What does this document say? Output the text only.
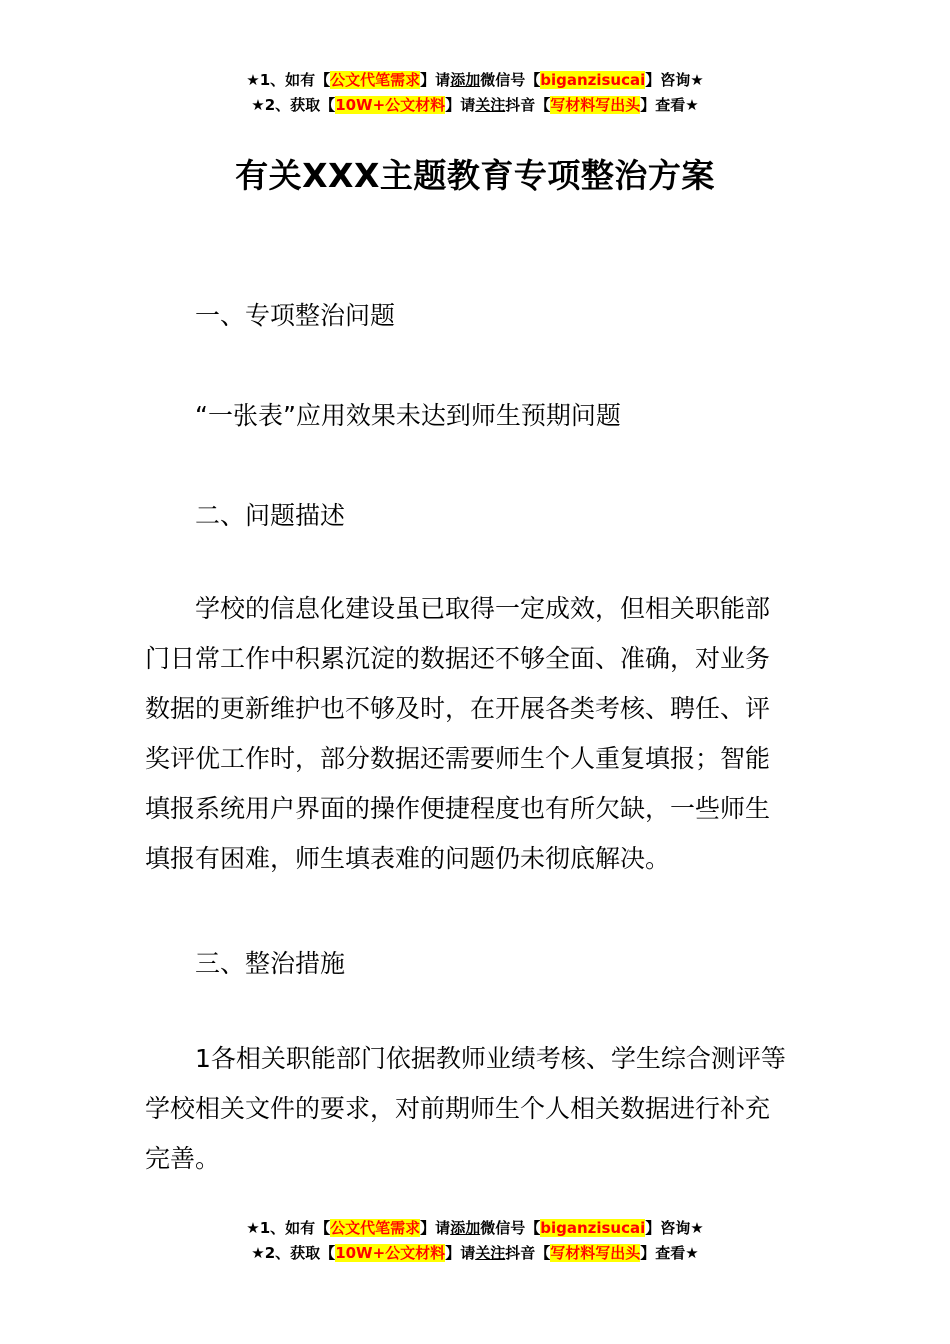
★1、如有【公文代笔需求】请添加微信号【biganzisucai】咨询★
★2、获取【10W+公文材料】请关注抖音【写材料写出头】查看★
有关XXX主题教育专项整治方案
一、专项整治问题
“一张表”应用效果未达到师生预期问题
二、问题描述
学校的信息化建设虽已取得一定成效，但相关职能部
门日常工作中积累沉淀的数据还不够全面、准确，对业务
数据的更新维护也不够及时，在开展各类考核、聘任、评
奖评优工作时，部分数据还需要师生个人重复填报；智能
填报系统用户界面的操作便捷程度也有所欠缺，一些师生
填报有困难，师生填表难的问题仍未彻底解决。
三、整治措施
1各相关职能部门依据教师业绩考核、学生综合测评等
学校相关文件的要求，对前期师生个人相关数据进行补充
完善。
★1、如有【公文代笔需求】请添加微信号【biganzisucai】咨询★
★2、获取【10W+公文材料】请关注抖音【写材料写出头】查看★
